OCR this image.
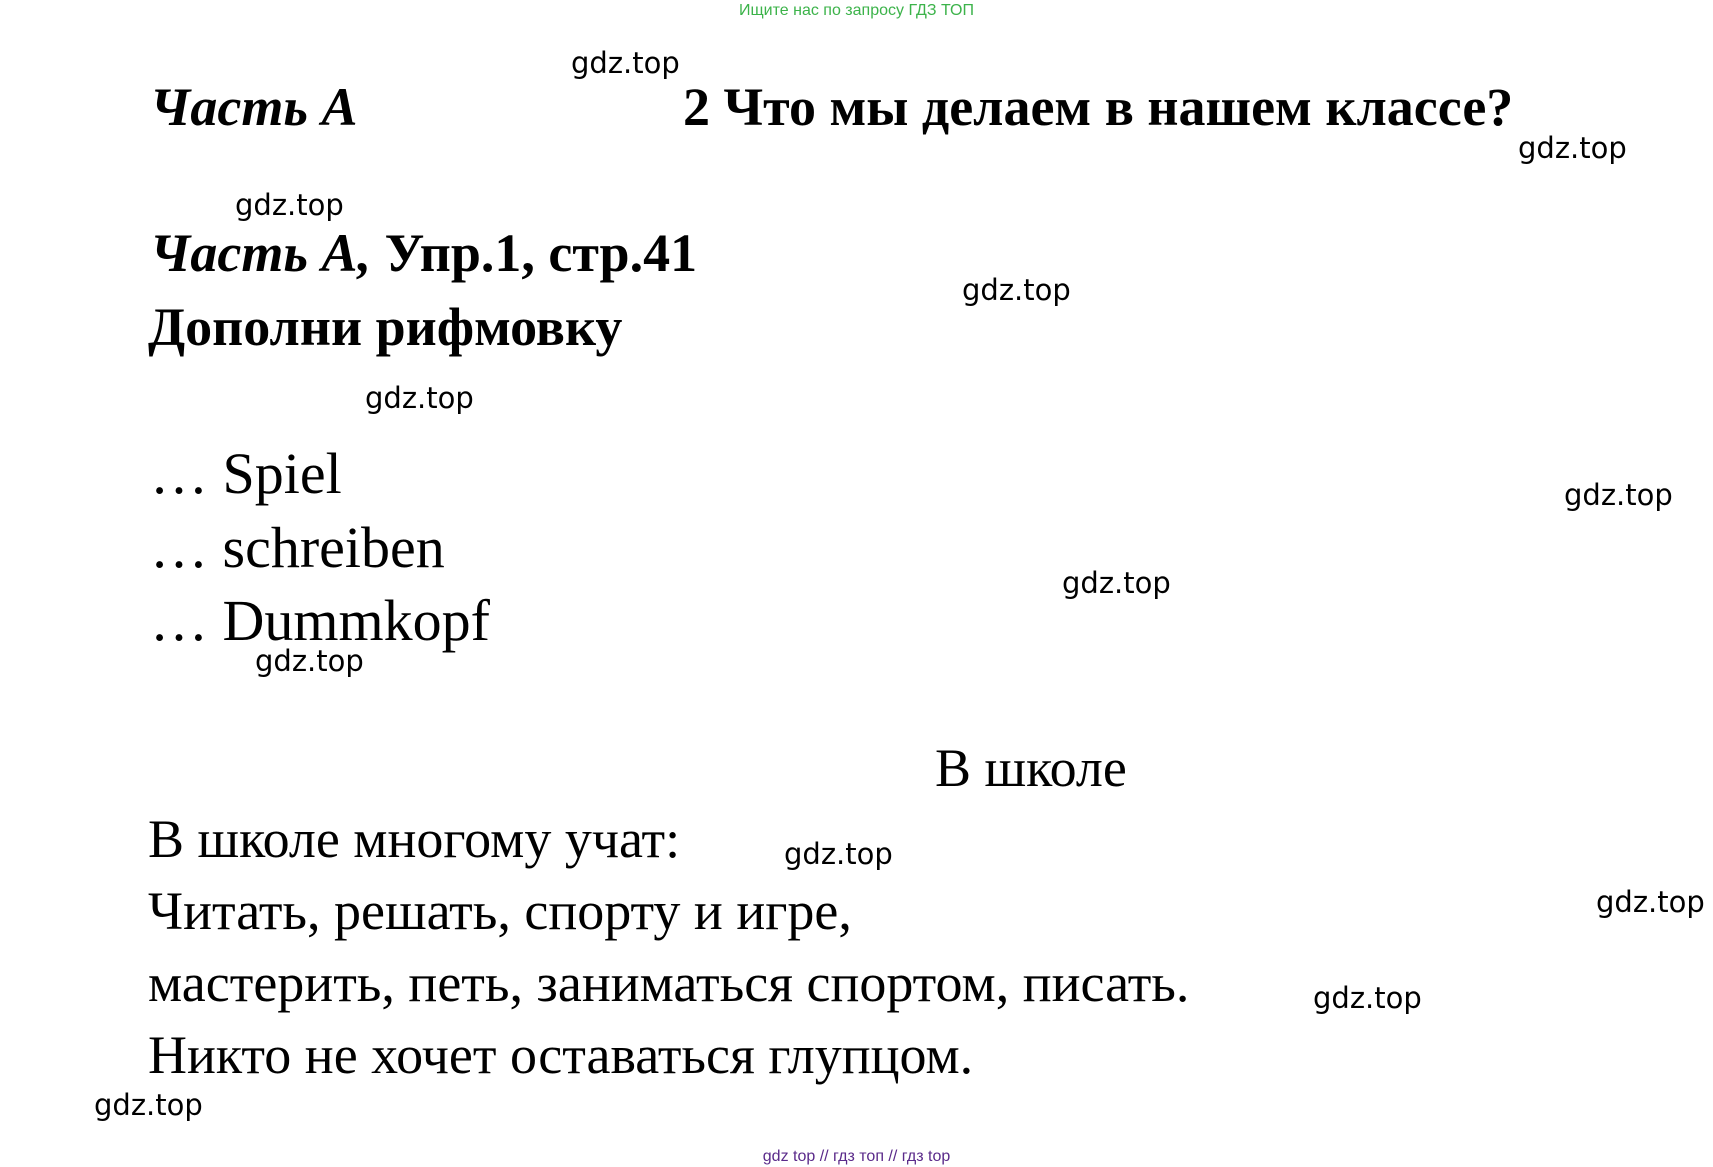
Ищите нас по запросу ГДЗ ТОП
Часть А	2 Что мы делаем в нашем классе?
Часть А, Упр.1, стр.41
Дополни рифмовку
… Spiel
… schreiben
… Dummkopf
В школе
В школе многому учат:
Читать, решать, спорту и игре,
мастерить, петь, заниматься спортом, писать.
Никто не хочет оставаться глупцом.
gdz.top
gdz.top
gdz.top
gdz.top
gdz.top
gdz.top
gdz.top
gdz.top
gdz.top
gdz.top
gdz.top
gdz.top
gdz top // гдз топ // гдз top
